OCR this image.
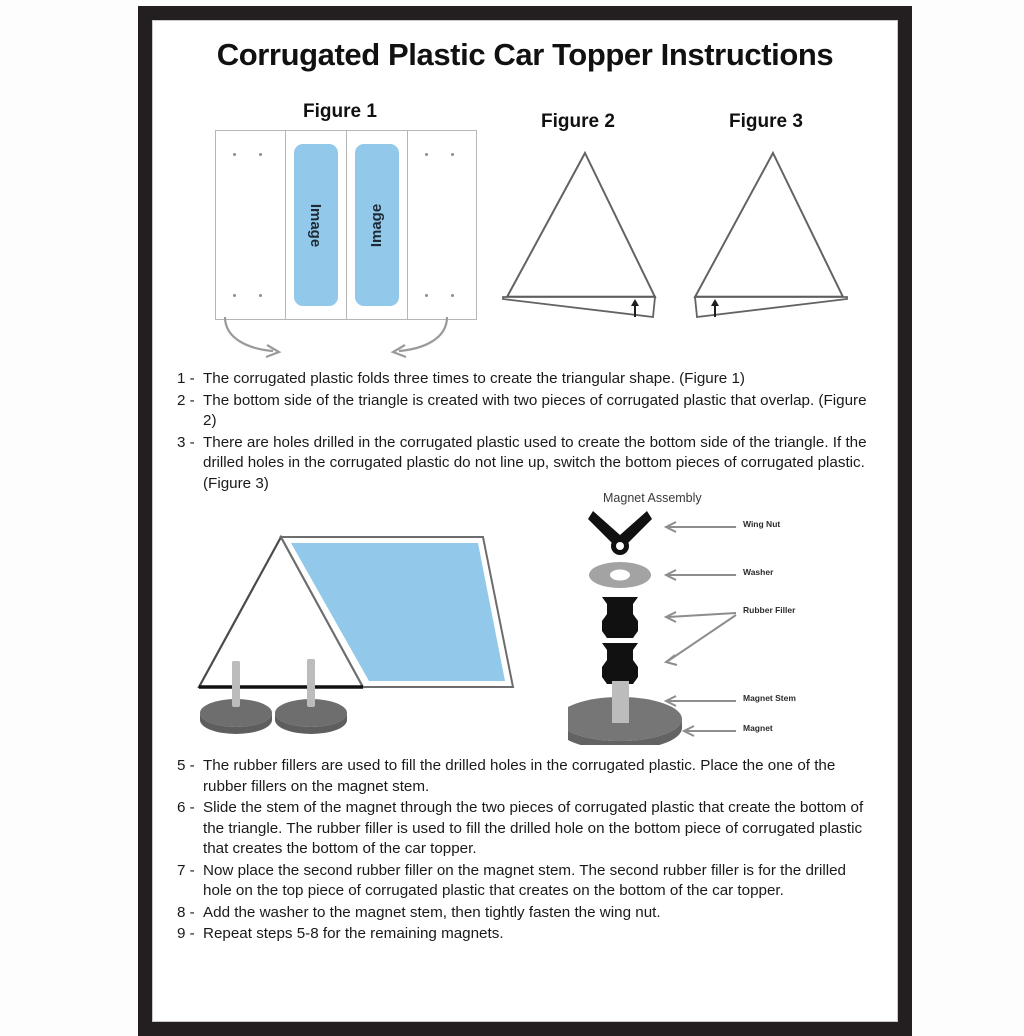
Corrugated Plastic Car Topper Instructions
Figure 1
Image	Image
Figure 2	Figure 3
1 - The corrugated plastic folds three times to create the triangular shape. (Figure 1)
2 - The bottom side of the triangle is created with two pieces of corrugated plastic that overlap. (Figure 2)
3 - There are holes drilled in the corrugated plastic used to create the bottom side of the triangle. If the drilled holes in the corrugated plastic do not line up, switch the bottom pieces of corrugated plastic. (Figure 3)
Magnet Assembly
Wing Nut
Washer
Rubber Filler
Magnet Stem
Magnet
5 - The rubber fillers are used to fill the drilled holes in the corrugated plastic. Place the one of the rubber fillers on the magnet stem.
6 - Slide the stem of the magnet through the two pieces of corrugated plastic that create the bottom of the triangle. The rubber filler is used to fill the drilled hole on the bottom piece of corrugated plastic that creates the bottom of the car topper.
7 - Now place the second rubber filler on the magnet stem. The second rubber filler is for the drilled hole on the top piece of corrugated plastic that creates on the bottom of the car topper.
8 - Add the washer to the magnet stem, then tightly fasten the wing nut.
9 - Repeat steps 5-8 for the remaining magnets.
